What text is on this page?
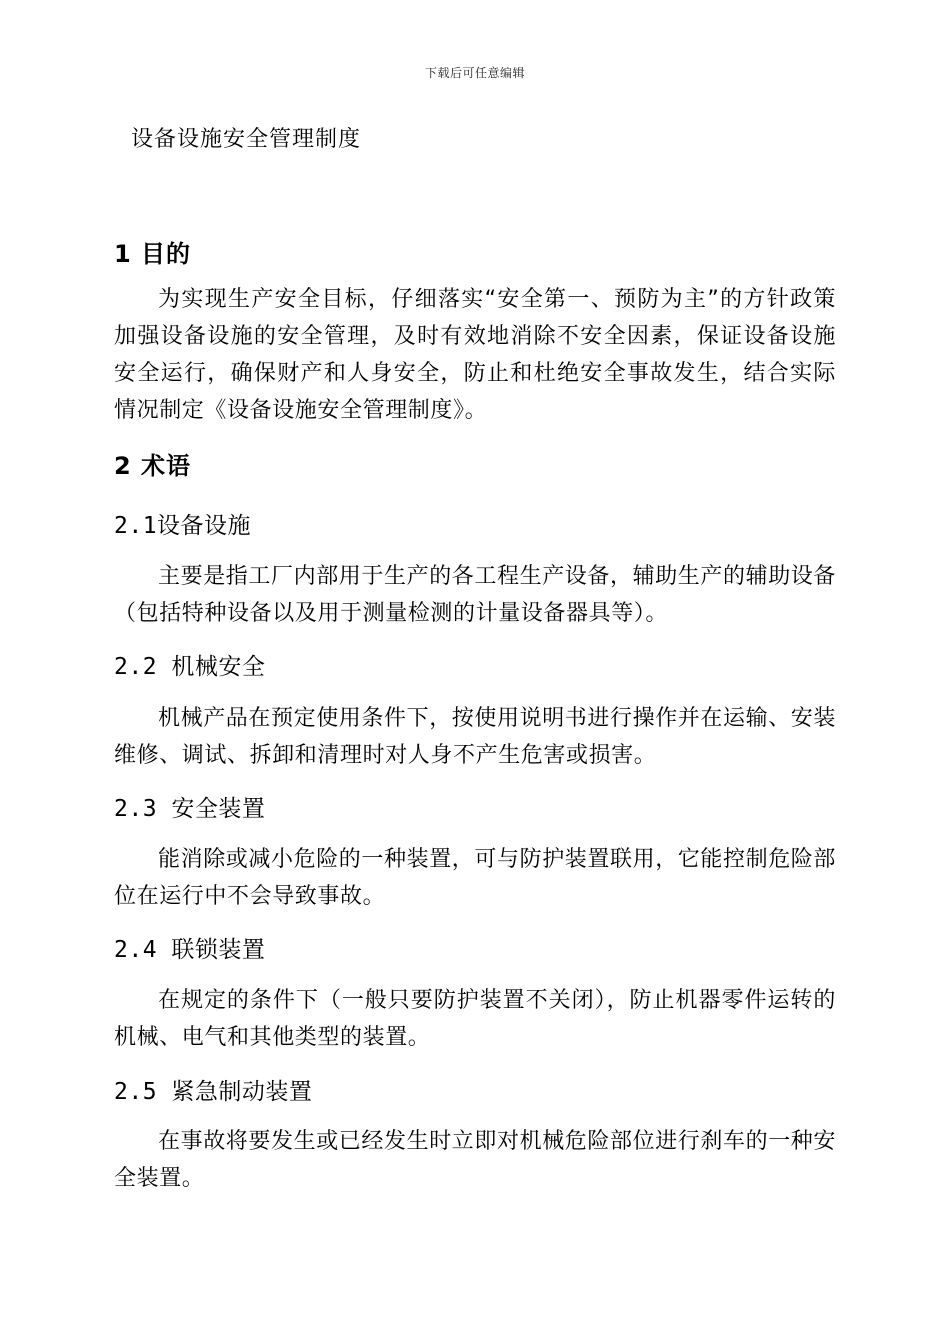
下载后可任意编辑
设备设施安全管理制度
1 目的
为实现生产安全目标，仔细落实“安全第一、预防为主”的方针政策加强设备设施的安全管理，及时有效地消除不安全因素，保证设备设施安全运行，确保财产和人身安全，防止和杜绝安全事故发生，结合实际情况制定《设备设施安全管理制度》。
2 术语
2.1设备设施
主要是指工厂内部用于生产的各工程生产设备，辅助生产的辅助设备（包括特种设备以及用于测量检测的计量设备器具等）。
2.2 机械安全
机械产品在预定使用条件下，按使用说明书进行操作并在运输、安装维修、调试、拆卸和清理时对人身不产生危害或损害。
2.3 安全装置
能消除或减小危险的一种装置，可与防护装置联用，它能控制危险部位在运行中不会导致事故。
2.4 联锁装置
在规定的条件下（一般只要防护装置不关闭），防止机器零件运转的机械、电气和其他类型的装置。
2.5 紧急制动装置
在事故将要发生或已经发生时立即对机械危险部位进行刹车的一种安全装置。
